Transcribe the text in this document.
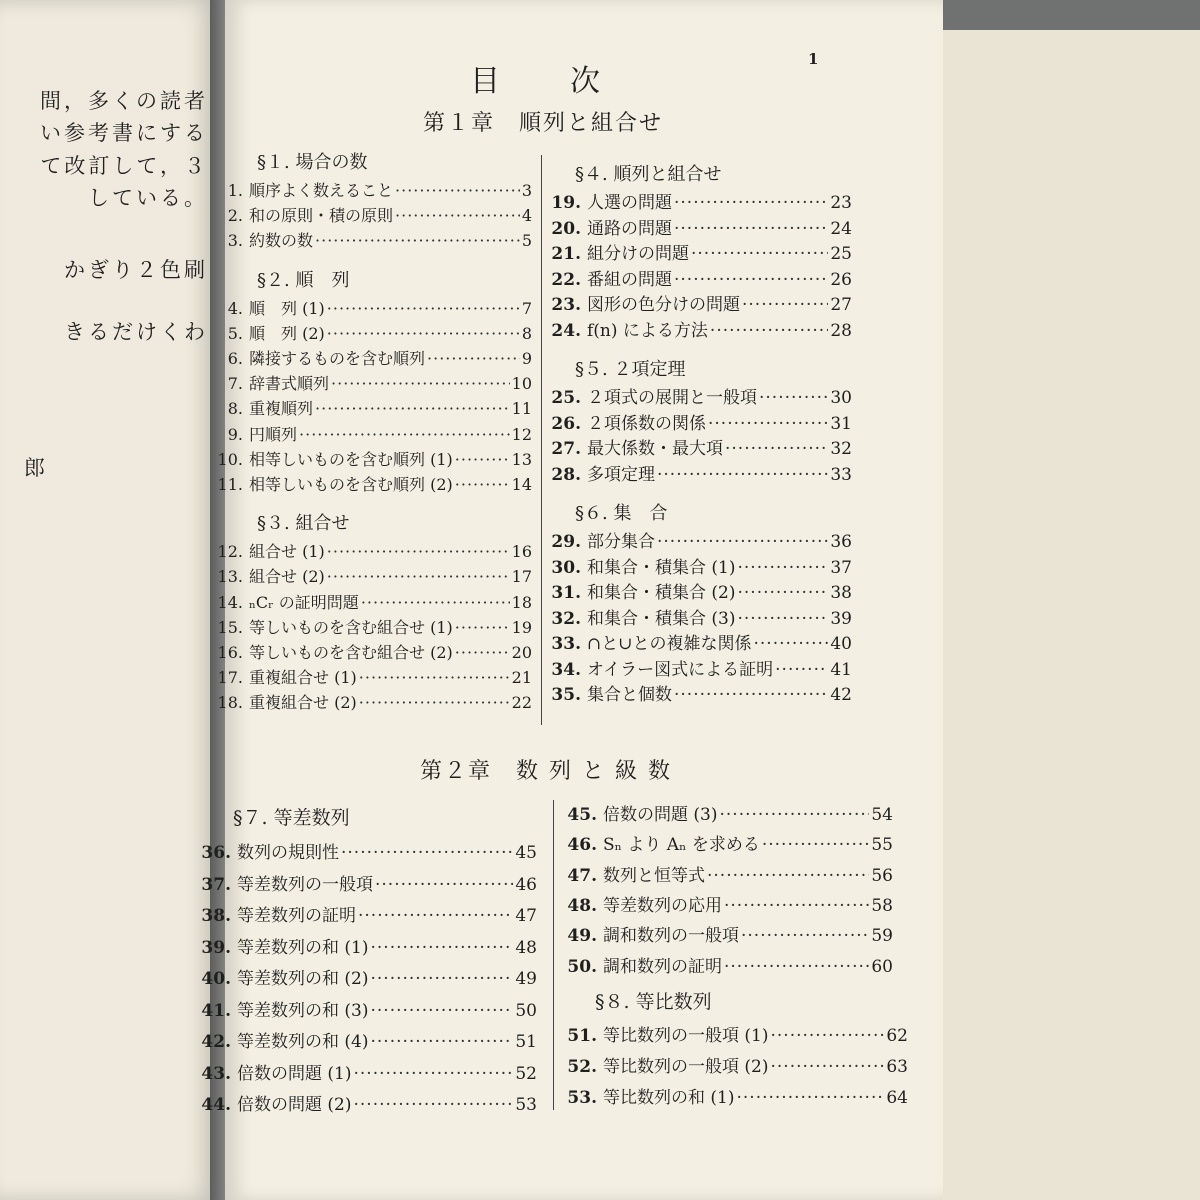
間，多くの読者
い参考書にする
て改訂して，３
している。
かぎり２色刷
きるだけくわ
郎
1
目 次
第１章　順列と組合せ
§１. 場合の数
1. 順序よく数えること ·····	3
2. 和の原則・積の原則 ·····	4
3. 約数の数 ·····	5
§２. 順　列
4. 順　列 (1) ·····	7
5. 順　列 (2) ·····	8
6. 隣接するものを含む順列 ·····	9
7. 辞書式順列 ·····	10
8. 重複順列 ·····	11
9. 円順列 ·····	12
10. 相等しいものを含む順列 (1) ·····	13
11. 相等しいものを含む順列 (2) ·····	14
§３. 組合せ
12. 組合せ (1) ·····	16
13. 組合せ (2) ·····	17
14. ₙCᵣ の証明問題 ·····	18
15. 等しいものを含む組合せ (1) ·····	19
16. 等しいものを含む組合せ (2) ·····	20
17. 重複組合せ (1) ·····	21
18. 重複組合せ (2) ·····	22
§４. 順列と組合せ
19. 人選の問題 ·····	23
20. 通路の問題 ·····	24
21. 組分けの問題 ·····	25
22. 番組の問題 ·····	26
23. 図形の色分けの問題 ·····	27
24. f(n) による方法 ·····	28
§５. ２項定理
25. ２項式の展開と一般項 ·····	30
26. ２項係数の関係 ·····	31
27. 最大係数・最大項 ·····	32
28. 多項定理 ·····	33
§６. 集　合
29. 部分集合 ·····	36
30. 和集合・積集合 (1) ·····	37
31. 和集合・積集合 (2) ·····	38
32. 和集合・積集合 (3) ·····	39
33. ∩と∪との複雑な関係 ·····	40
34. オイラー図式による証明 ·····	41
35. 集合と個数 ·····	42
第２章　数 列 と 級 数
§７. 等差数列
36. 数列の規則性 ·····	45
37. 等差数列の一般項 ·····	46
38. 等差数列の証明 ·····	47
39. 等差数列の和 (1) ·····	48
40. 等差数列の和 (2) ·····	49
41. 等差数列の和 (3) ·····	50
42. 等差数列の和 (4) ·····	51
43. 倍数の問題 (1) ·····	52
44. 倍数の問題 (2) ·····	53
45. 倍数の問題 (3) ·····	54
46. Sₙ より Aₙ を求める ·····	55
47. 数列と恒等式 ·····	56
48. 等差数列の応用 ·····	58
49. 調和数列の一般項 ·····	59
50. 調和数列の証明 ·····	60
§８. 等比数列
51. 等比数列の一般項 (1) ·····	62
52. 等比数列の一般項 (2) ·····	63
53. 等比数列の和 (1) ·····	64
